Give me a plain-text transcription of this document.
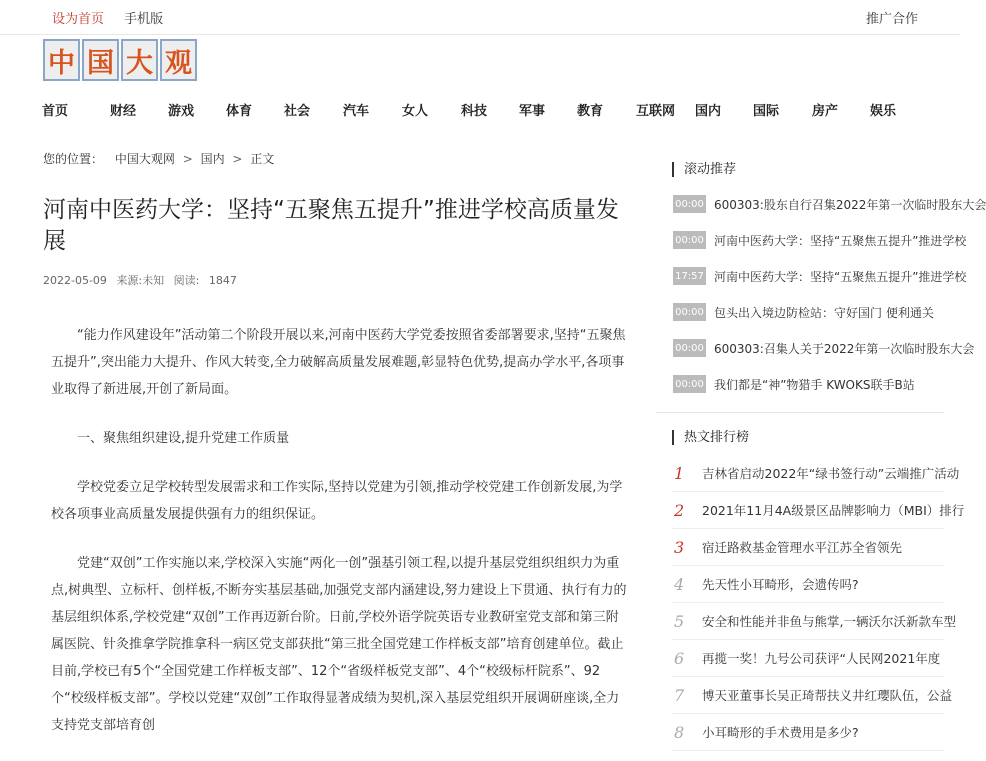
设为首页 手机版	推广合作
中 国 大 观
首页	财经 游戏 体育 社会	汽车	女人	科技 军事 教育	互联网 国内 国际	房产 娱乐
您的位置： 中国大观网 > 国内 > 正文
河南中医药大学：坚持“五聚焦五提升”推进学校高质量发展
2022-05-09 来源:未知 阅读: 1847

“能力作风建设年”活动第二个阶段开展以来,河南中医药大学党委按照省委部署要求,坚持“五聚焦五提升”,突出能力大提升、作风大转变,全力破解高质量发展难题,彰显特色优势,提高办学水平,各项事业取得了新进展,开创了新局面。

一、聚焦组织建设,提升党建工作质量

学校党委立足学校转型发展需求和工作实际,坚持以党建为引领,推动学校党建工作创新发展,为学校各项事业高质量发展提供强有力的组织保证。

党建“双创”工作实施以来,学校深入实施“两化一创”强基引领工程,以提升基层党组织组织力为重点,树典型、立标杆、创样板,不断夯实基层基础,加强党支部内涵建设,努力建设上下贯通、执行有力的基层组织体系,学校党建“双创”工作再迈新台阶。日前,学校外语学院英语专业教研室党支部和第三附属医院、针灸推拿学院推拿科一病区党支部获批“第三批全国党建工作样板支部”培育创建单位。截止目前,学校已有5个“全国党建工作样板支部”、12个“省级样板党支部”、4个“校级标杆院系”、92个“校级样板支部”。学校以党建“双创”工作取得显著成绩为契机,深入基层党组织开展调研座谈,全力支持党支部培育创

滚动推荐
00:00 600303:股东自行召集2022年第一次临时股东大会
00:00 河南中医药大学：坚持“五聚焦五提升”推进学校
17:57 河南中医药大学：坚持“五聚焦五提升”推进学校
00:00 包头出入境边防检站：守好国门 便利通关
00:00 600303:召集人关于2022年第一次临时股东大会
00:00 我们都是“神”物猎手 KWOKS联手B站
热文排行榜
1	吉林省启动2022年“绿书签行动”云端推广活动
2	2021年11月4A级景区品牌影响力（MBI）排行
3	宿迁路救基金管理水平江苏全省领先
4	先天性小耳畸形，会遗传吗?
5	安全和性能并非鱼与熊掌,一辆沃尔沃新款车型
6	再揽一奖！九号公司获评“人民网2021年度
7	博天亚董事长吴正琦帮扶义井红瓔队伍，公益
8	小耳畸形的手术费用是多少?
